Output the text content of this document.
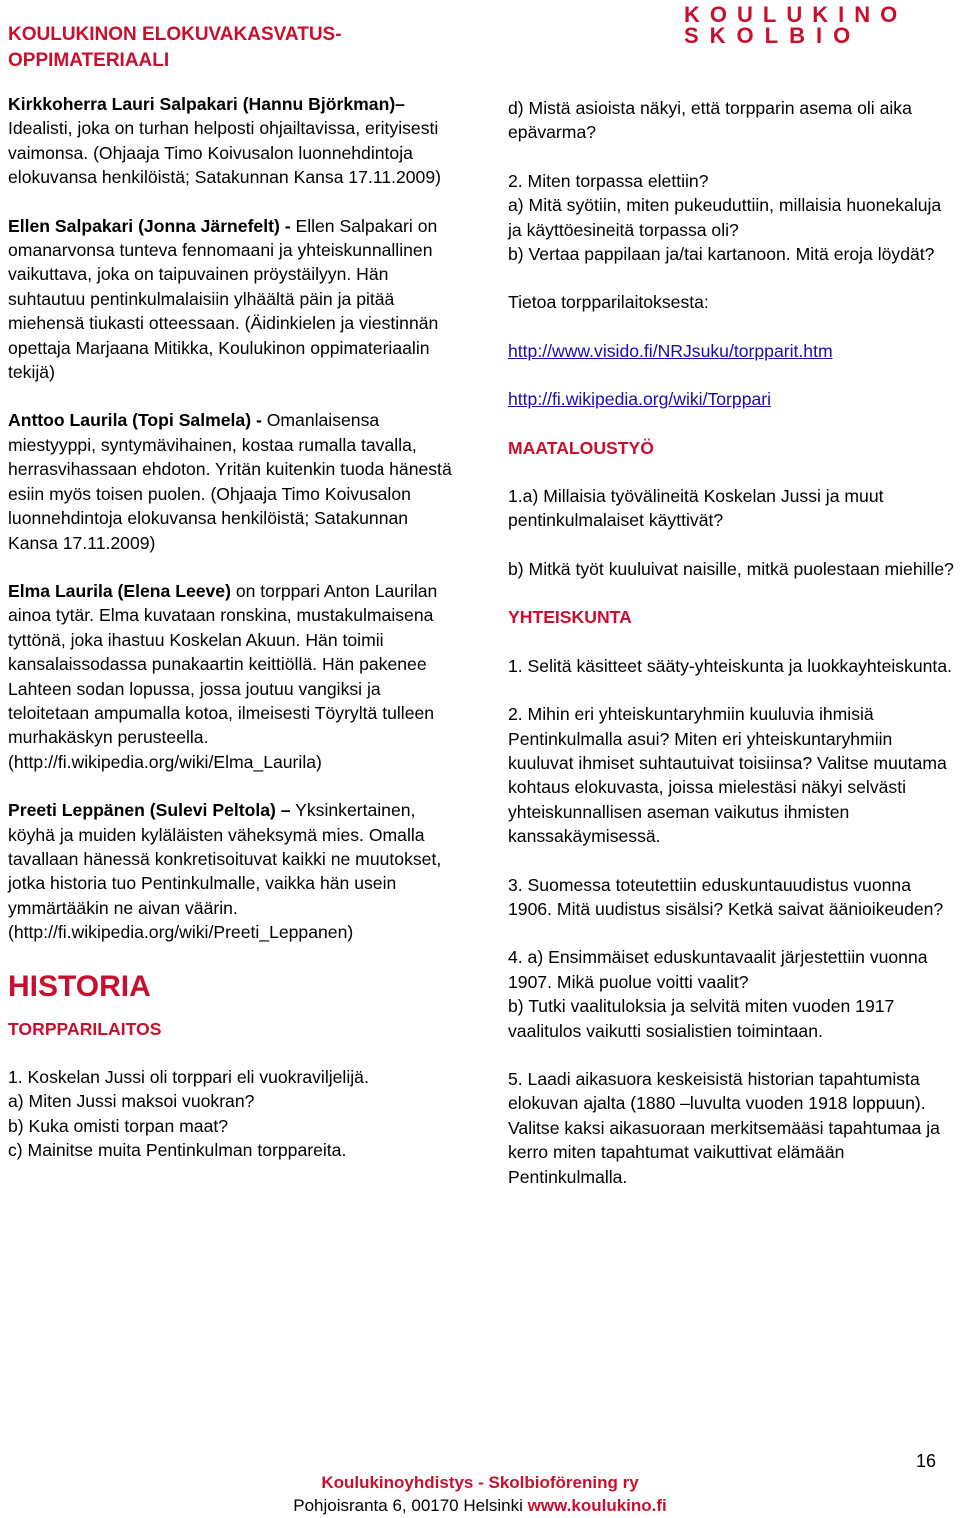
KOULUKINON ELOKUVAKASVATUS-
OPPIMATERIAALI
KOULUKINO
SKOLBIO

Kirkkoherra Lauri Salpakari (Hannu Björkman)– Idealisti, joka on turhan helposti ohjailtavissa, erityisesti vaimonsa. (Ohjaaja Timo Koivusalon luonnehdintoja elokuvansa henkilöistä; Satakunnan Kansa 17.11.2009)

Ellen Salpakari (Jonna Järnefelt) - Ellen Salpakari on omanarvonsa tunteva fennomaani ja yhteiskunnallinen vaikuttava, joka on taipuvainen pröystäilyyn. Hän suhtautuu pentinkulmalaisiin ylhäältä päin ja pitää miehensä tiukasti otteessaan. (Äidinkielen ja viestinnän opettaja Marjaana Mitikka, Koulukinon oppimateriaalin tekijä)

Anttoo Laurila (Topi Salmela) - Omanlaisensa miestyyppi, syntymävihainen, kostaa rumalla tavalla, herrasvihassaan ehdoton. Yritän kuitenkin tuoda hänestä esiin myös toisen puolen. (Ohjaaja Timo Koivusalon luonnehdintoja elokuvansa henkilöistä; Satakunnan Kansa 17.11.2009)

Elma Laurila (Elena Leeve) on torppari Anton Laurilan ainoa tytär. Elma kuvataan ronskina, mustakulmaisena tyttönä, joka ihastuu Koskelan Akuun. Hän toimii kansalaissodassa punakaartin keittiöllä. Hän pakenee Lahteen sodan lopussa, jossa joutuu vangiksi ja teloitetaan ampumalla kotoa, ilmeisesti Töyryltä tulleen murhakäskyn perusteella. (http://fi.wikipedia.org/wiki/Elma_Laurila)

Preeti Leppänen (Sulevi Peltola) – Yksinkertainen, köyhä ja muiden kyläläisten väheksymä mies. Omalla tavallaan hänessä konkretisoituvat kaikki ne muutokset, jotka historia tuo Pentinkulmalle, vaikka hän usein ymmärtääkin ne aivan väärin. (http://fi.wikipedia.org/wiki/Preeti_Leppanen)

HISTORIA

TORPPARILAITOS

1. Koskelan Jussi oli torppari eli vuokraviljelijä.

a) Miten Jussi maksoi vuokran?

b) Kuka omisti torpan maat?

c) Mainitse muita Pentinkulman torppareita.

d) Mistä asioista näkyi, että torpparin asema oli aika epävarma?

2. Miten torpassa elettiin?

a) Mitä syötiin, miten pukeuduttiin, millaisia huonekaluja ja käyttöesineitä torpassa oli?

b) Vertaa pappilaan ja/tai kartanoon. Mitä eroja löydät?

Tietoa torpparilaitoksesta:

http://www.visido.fi/NRJsuku/torpparit.htm

http://fi.wikipedia.org/wiki/Torppari

MAATALOUSTYÖ

1.a) Millaisia työvälineitä Koskelan Jussi ja muut pentinkulmalaiset käyttivät?

b) Mitkä työt kuuluivat naisille, mitkä puolestaan miehille?

YHTEISKUNTA

1. Selitä käsitteet sääty-yhteiskunta ja luokkayhteiskunta.

2. Mihin eri yhteiskuntaryhmiin kuuluvia ihmisiä Pentinkulmalla asui? Miten eri yhteiskuntaryhmiin kuuluvat ihmiset suhtautuivat toisiinsa? Valitse muutama kohtaus elokuvasta, joissa mielestäsi näkyi selvästi yhteiskunnallisen aseman vaikutus ihmisten kanssakäymisessä.

3. Suomessa toteutettiin eduskuntauudistus vuonna 1906. Mitä uudistus sisälsi? Ketkä saivat äänioikeuden?

4. a) Ensimmäiset eduskuntavaalit järjestettiin vuonna 1907. Mikä puolue voitti vaalit?

b) Tutki vaalituloksia ja selvitä miten vuoden 1917 vaalitulos vaikutti sosialistien toimintaan.

5. Laadi aikasuora keskeisistä historian tapahtumista elokuvan ajalta (1880 –luvulta vuoden 1918 loppuun). Valitse kaksi aikasuoraan merkitsemääsi tapahtumaa ja kerro miten tapahtumat vaikuttivat elämään Pentinkulmalla.

16
Koulukinoyhdistys - Skolbioförening ry
Pohjoisranta 6, 00170 Helsinki www.koulukino.fi
